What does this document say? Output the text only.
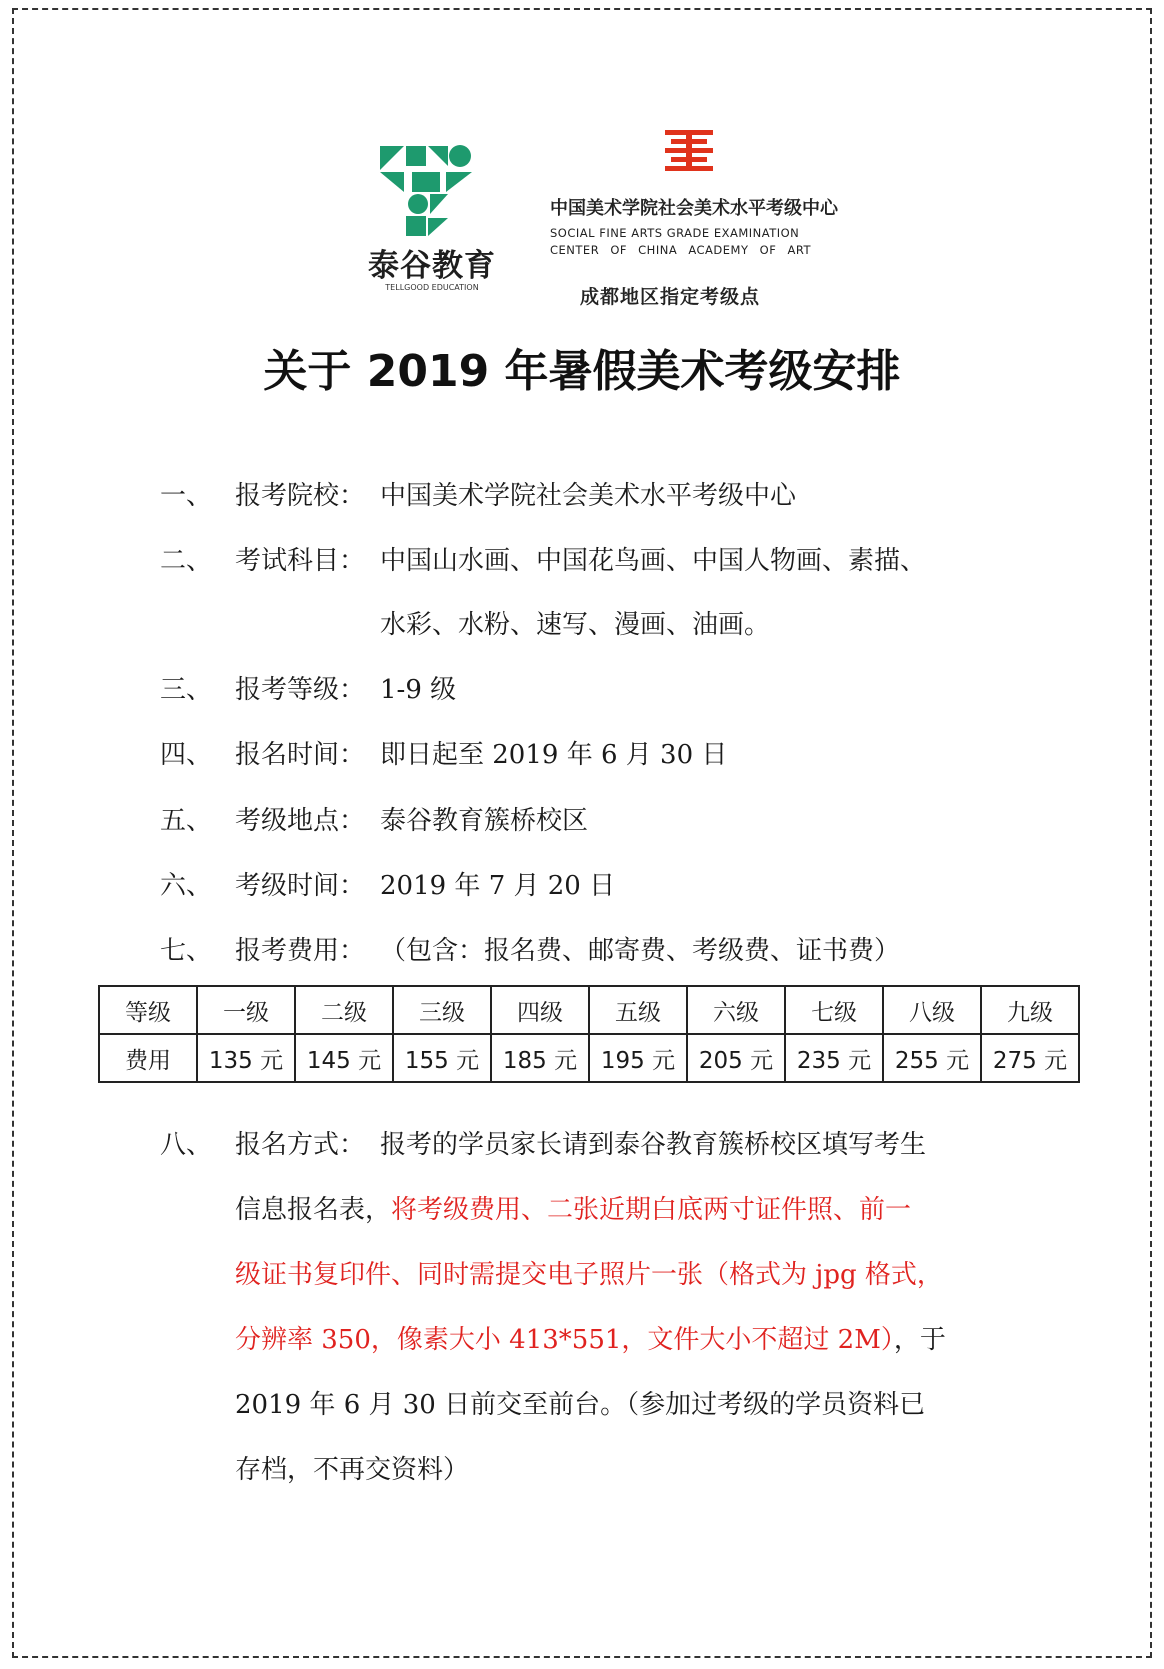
泰谷教育
TELLGOOD EDUCATION
中国美术学院社会美术水平考级中心
SOCIAL FINE ARTS GRADE EXAMINATION
CENTER OF CHINA ACADEMY OF ART
成都地区指定考级点
关于 2019 年暑假美术考级安排
一、 报考院校： 中国美术学院社会美术水平考级中心
二、 考试科目： 中国山水画、中国花鸟画、中国人物画、素描、
水彩、水粉、速写、漫画、油画。
三、 报考等级： 1-9 级
四、 报名时间： 即日起至 2019 年 6 月 30 日
五、 考级地点： 泰谷教育簇桥校区
六、 考级时间： 2019 年 7 月 20 日
七、 报考费用： （包含：报名费、邮寄费、考级费、证书费）
等级	一级	二级	三级	四级	五级	六级	七级	八级	九级
费用	135 元	145 元	155 元	185 元	195 元	205 元	235 元	255 元	275 元
八、 报名方式： 报考的学员家长请到泰谷教育簇桥校区填写考生
信息报名表，将考级费用、二张近期白底两寸证件照、前一
级证书复印件、同时需提交电子照片一张（格式为 jpg 格式，
分辨率 350，像素大小 413*551，文件大小不超过 2M），于
2019 年 6 月 30 日前交至前台。（参加过考级的学员资料已
存档，不再交资料）
